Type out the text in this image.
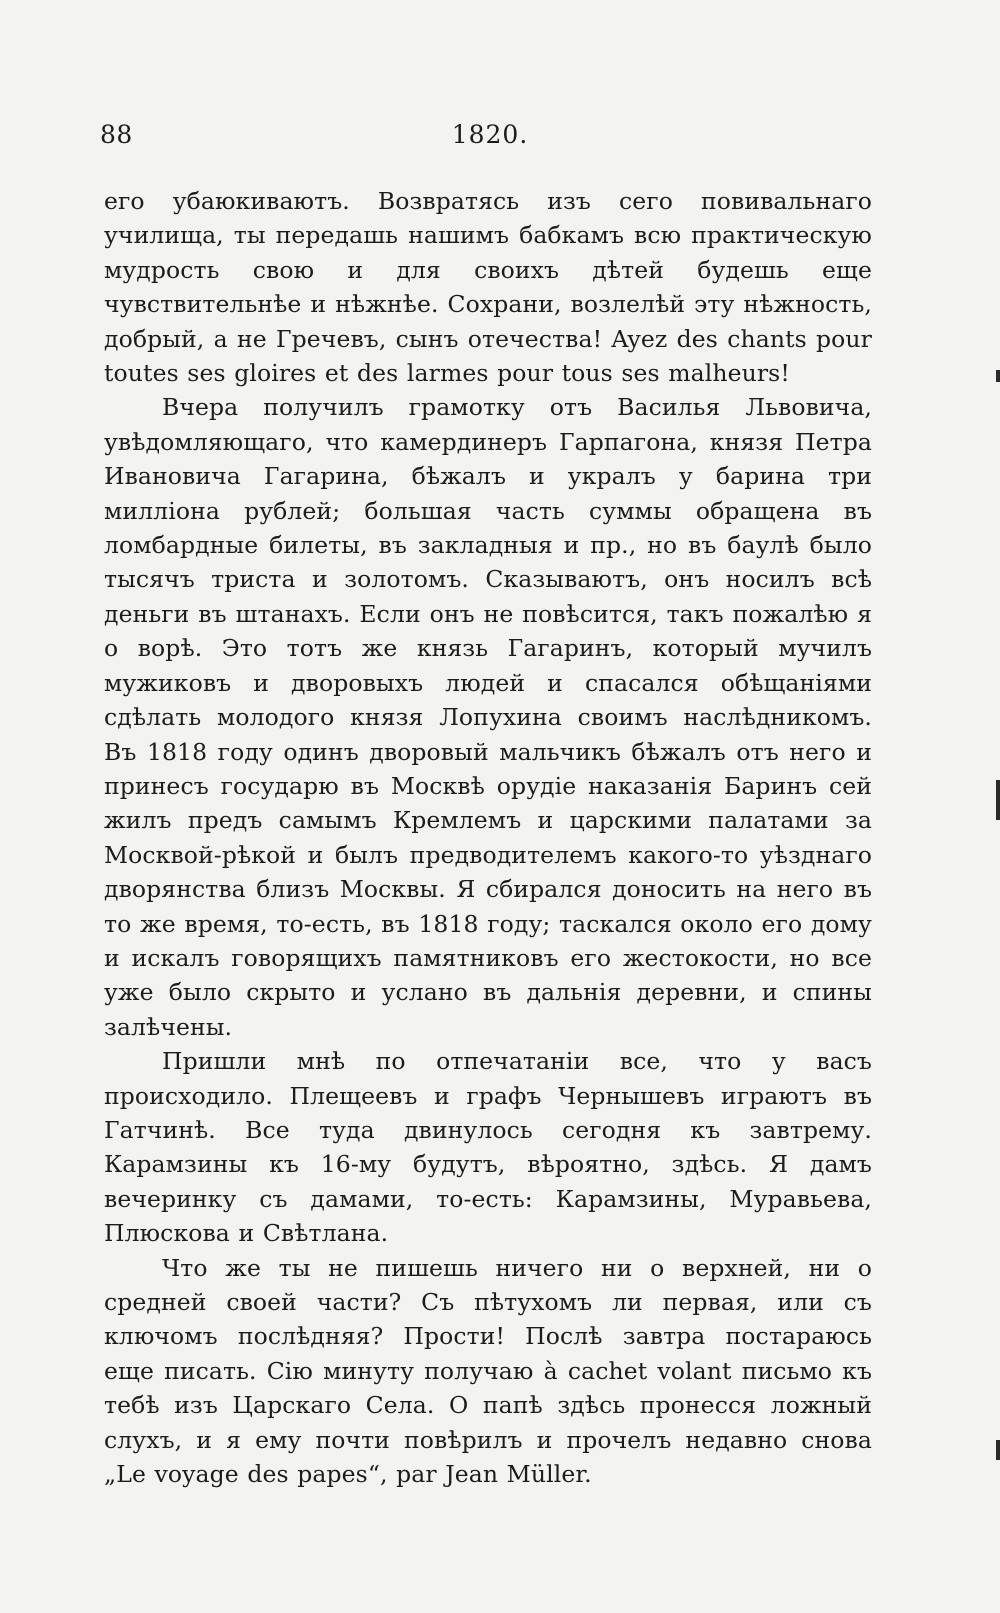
88	1820.

его убаюкиваютъ. Возвратясь изъ сего повивальнаго училища, ты передашь нашимъ бабкамъ всю практическую мудрость свою и для своихъ дѣтей будешь еще чувствительнѣе и нѣжнѣе. Сохрани, возлелѣй эту нѣжность, добрый, а не Гречевъ, сынъ отечества! Ayez des chants pour toutes ses gloires et des larmes pour tous ses malheurs!

Вчера получилъ грамотку отъ Василья Львовича, увѣдомляющаго, что камердинеръ Гарпагона, князя Петра Ивановича Гагарина, бѣжалъ и укралъ у барина три милліона рублей; большая часть суммы обращена въ ломбардные билеты, въ закладныя и пр., но въ баулѣ было тысячъ триста и золотомъ. Сказываютъ, онъ носилъ всѣ деньги въ штанахъ. Если онъ не повѣсится, такъ пожалѣю я о ворѣ. Это тотъ же князь Гагаринъ, который мучилъ мужиковъ и дворовыхъ людей и спасался обѣщаніями сдѣлать молодого князя Лопухина своимъ наслѣдникомъ. Въ 1818 году одинъ дворовый мальчикъ бѣжалъ отъ него и принесъ государю въ Москвѣ орудіе наказанія Баринъ сей жилъ предъ самымъ Кремлемъ и царскими палатами за Москвой-рѣкой и былъ предводителемъ какого-то уѣзднаго дворянства близъ Москвы. Я сбирался доносить на него въ то же время, то-есть, въ 1818 году; таскался около его дому и искалъ говорящихъ памятниковъ его жестокости, но все уже было скрыто и услано въ дальнія деревни, и спины залѣчены.

Пришли мнѣ по отпечатаніи все, что у васъ происходило. Плещеевъ и графъ Чернышевъ играютъ въ Гатчинѣ. Все туда двинулось сегодня къ завтрему. Карамзины къ 16-му будутъ, вѣроятно, здѣсь. Я дамъ вечеринку съ дамами, то-есть: Карамзины, Муравьева, Плюскова и Свѣтлана.

Что же ты не пишешь ничего ни о верхней, ни о средней своей части? Съ пѣтухомъ ли первая, или съ ключомъ послѣдняя? Прости! Послѣ завтра постараюсь еще писать. Сію минуту получаю à cachet volant письмо къ тебѣ изъ Царскаго Села. О папѣ здѣсь пронесся ложный слухъ, и я ему почти повѣрилъ и прочелъ недавно снова „Le voyage des papes“, par Jean Müller.
